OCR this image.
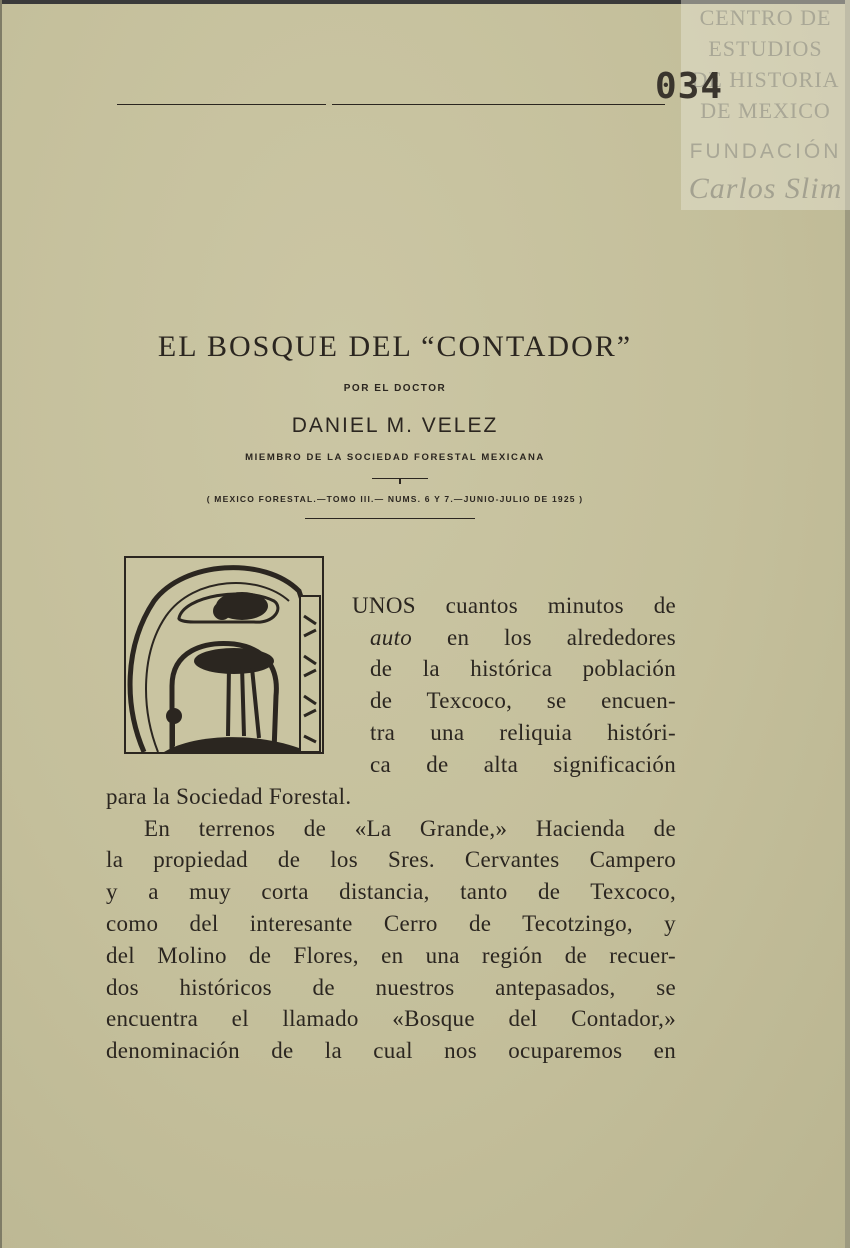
CENTRO DE
ESTUDIOS
DE HISTORIA
DE MEXICO
FUNDACIÓN
Carlos Slim
034
EL BOSQUE DEL “CONTADOR”
POR EL DOCTOR
DANIEL M. VELEZ
MIEMBRO DE LA SOCIEDAD FORESTAL MEXICANA
( MEXICO FORESTAL.—TOMO III.— NUMS. 6 Y 7.—JUNIO-JULIO DE 1925 )
UNOS cuantos minutos de
auto en los alrededores
de la histórica población
de Texcoco, se encuen-
tra una reliquia históri-
ca de alta significación
para la Sociedad Forestal.
En terrenos de «La Grande,» Hacienda de
la propiedad de los Sres. Cervantes Campero
y a muy corta distancia, tanto de Texcoco,
como del interesante Cerro de Tecotzingo, y
del Molino de Flores, en una región de recuer-
dos históricos de nuestros antepasados, se
encuentra el llamado «Bosque del Contador,»
denominación de la cual nos ocuparemos en
